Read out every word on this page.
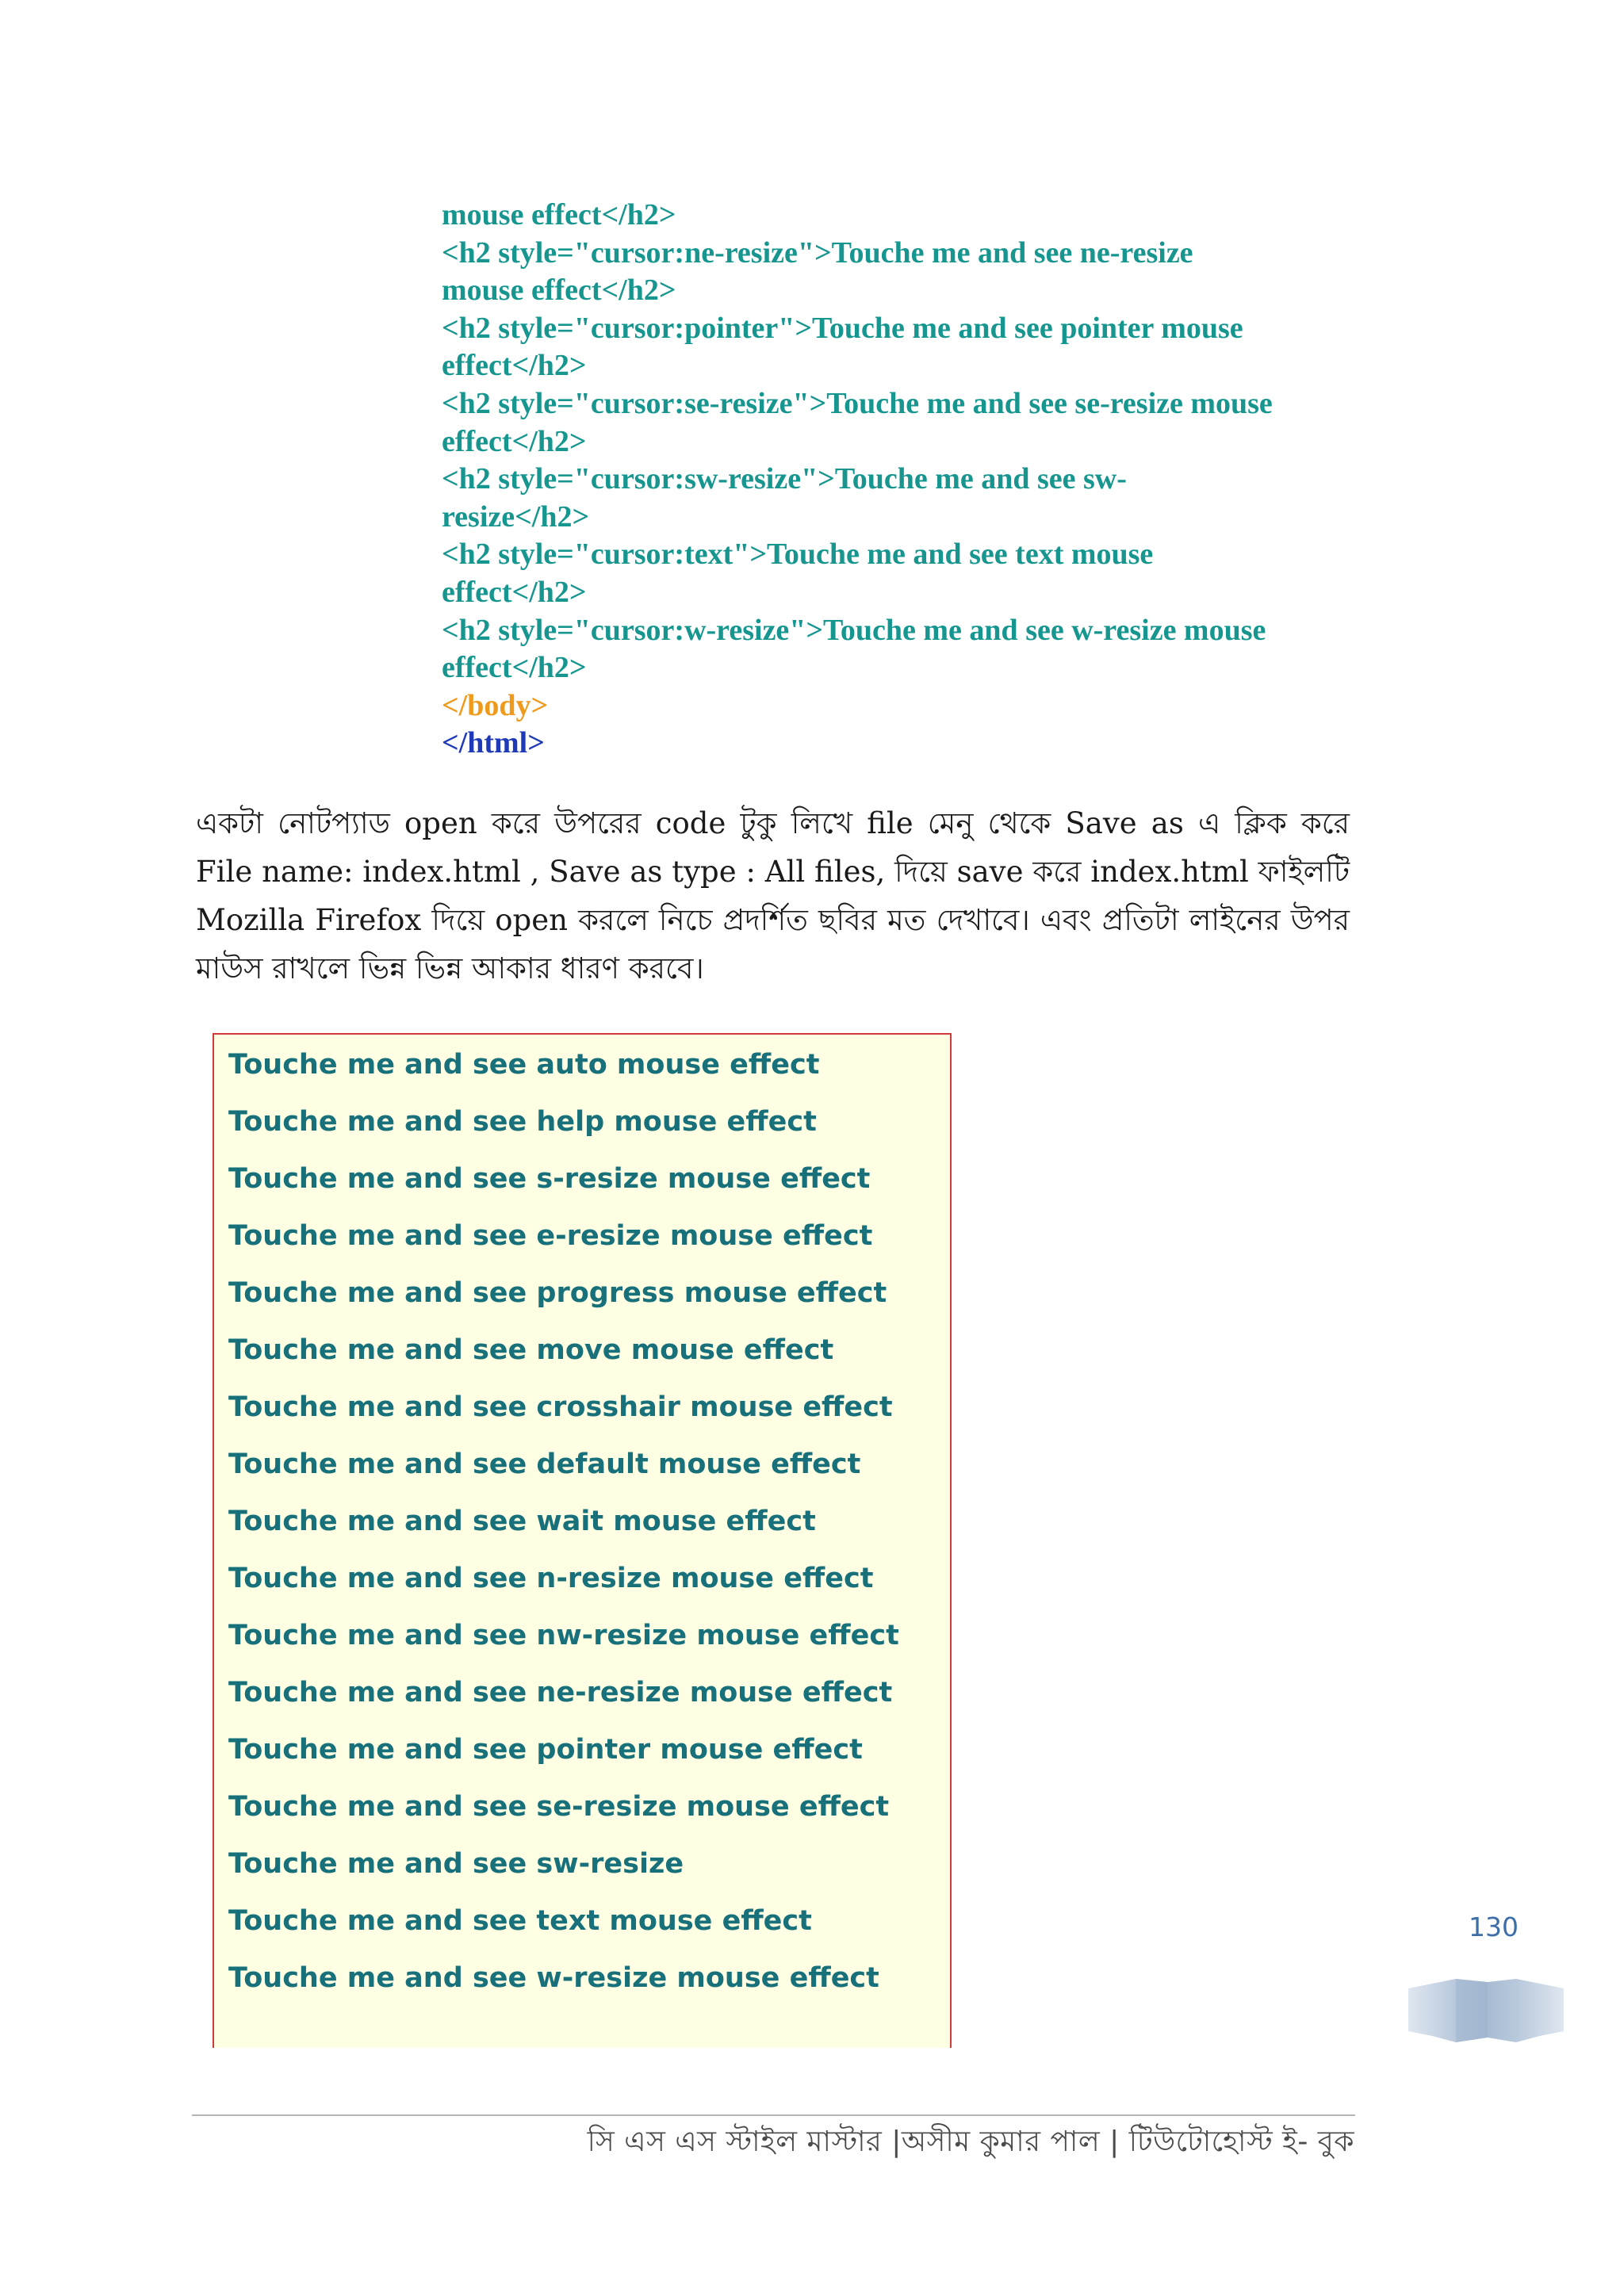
mouse effect</h2>
<h2 style="cursor:ne-resize">Touche me and see ne-resize
mouse effect</h2>
<h2 style="cursor:pointer">Touche me and see pointer mouse
effect</h2>
<h2 style="cursor:se-resize">Touche me and see se-resize mouse
effect</h2>
<h2 style="cursor:sw-resize">Touche me and see sw-
resize</h2>
<h2 style="cursor:text">Touche me and see text mouse
effect</h2>
<h2 style="cursor:w-resize">Touche me and see w-resize mouse
effect</h2>
</body>
</html>
একটা নোটপ্যাড open করে উপরের code টুকু লিখে file মেনু থেকে Save as এ ক্লিক করে
File name: index.html , Save as type : All files, দিয়ে save করে index.html ফাইলটি
Mozilla Firefox দিয়ে open করলে নিচে প্রদর্শিত ছবির মত দেখাবে। এবং প্রতিটা লাইনের উপর
মাউস রাখলে ভিন্ন ভিন্ন আকার ধারণ করবে।
Touche me and see auto mouse effect
Touche me and see help mouse effect
Touche me and see s-resize mouse effect
Touche me and see e-resize mouse effect
Touche me and see progress mouse effect
Touche me and see move mouse effect
Touche me and see crosshair mouse effect
Touche me and see default mouse effect
Touche me and see wait mouse effect
Touche me and see n-resize mouse effect
Touche me and see nw-resize mouse effect
Touche me and see ne-resize mouse effect
Touche me and see pointer mouse effect
Touche me and see se-resize mouse effect
Touche me and see sw-resize
Touche me and see text mouse effect
Touche me and see w-resize mouse effect
130
সি এস এস স্টাইল মাস্টার |অসীম কুমার পাল | টিউটোহোস্ট ই- বুক
